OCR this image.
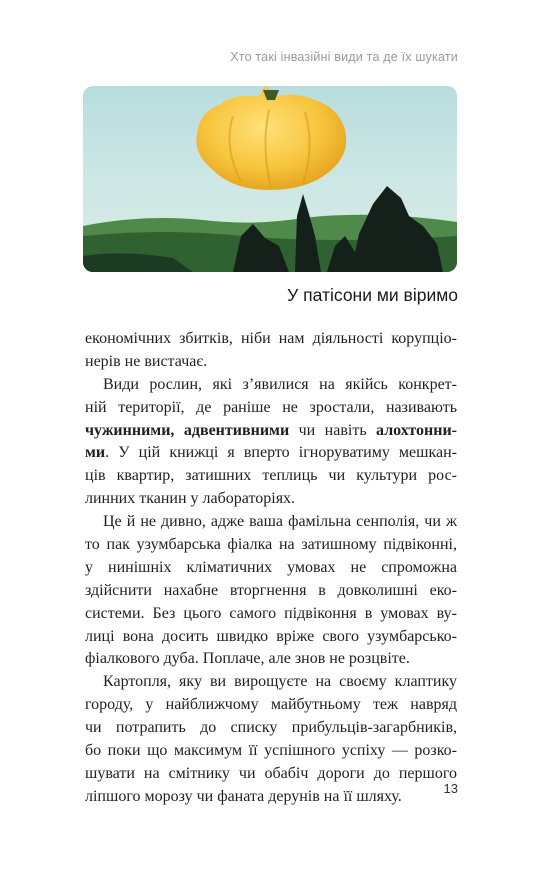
Хто такі інвазійні види та де їх шукати
У патісони ми віримо
економічних збитків, ніби нам діяльності корупціо-
нерів не вистачає.
Види рослин, які з’явилися на якійсь конкрет-
ній території, де раніше не зростали, називають
чужинними, адвентивними чи навіть алохтонни-
ми. У цій книжці я вперто ігноруватиму мешкан-
ців квартир, затишних теплиць чи культури рос-
линних тканин у лабораторіях.
Це й не дивно, адже ваша фамільна сенполія, чи ж
то пак узумбарська фіалка на затишному підвіконні,
у нинішніх кліматичних умовах не спроможна
здійснити нахабне вторгнення в довколишні еко-
системи. Без цього самого підвіконня в умовах ву-
лиці вона досить швидко вріже свого узумбарсько-
фіалкового дуба. Поплаче, але знов не розцвіте.
Картопля, яку ви вирощуєте на своєму клаптику
городу, у найближчому майбутньому теж навряд
чи потрапить до списку прибульців-загарбників,
бо поки що максимум її успішного успіху — розко-
шувати на смітнику чи обабіч дороги до першого
ліпшого морозу чи фаната дерунів на її шляху.	13
